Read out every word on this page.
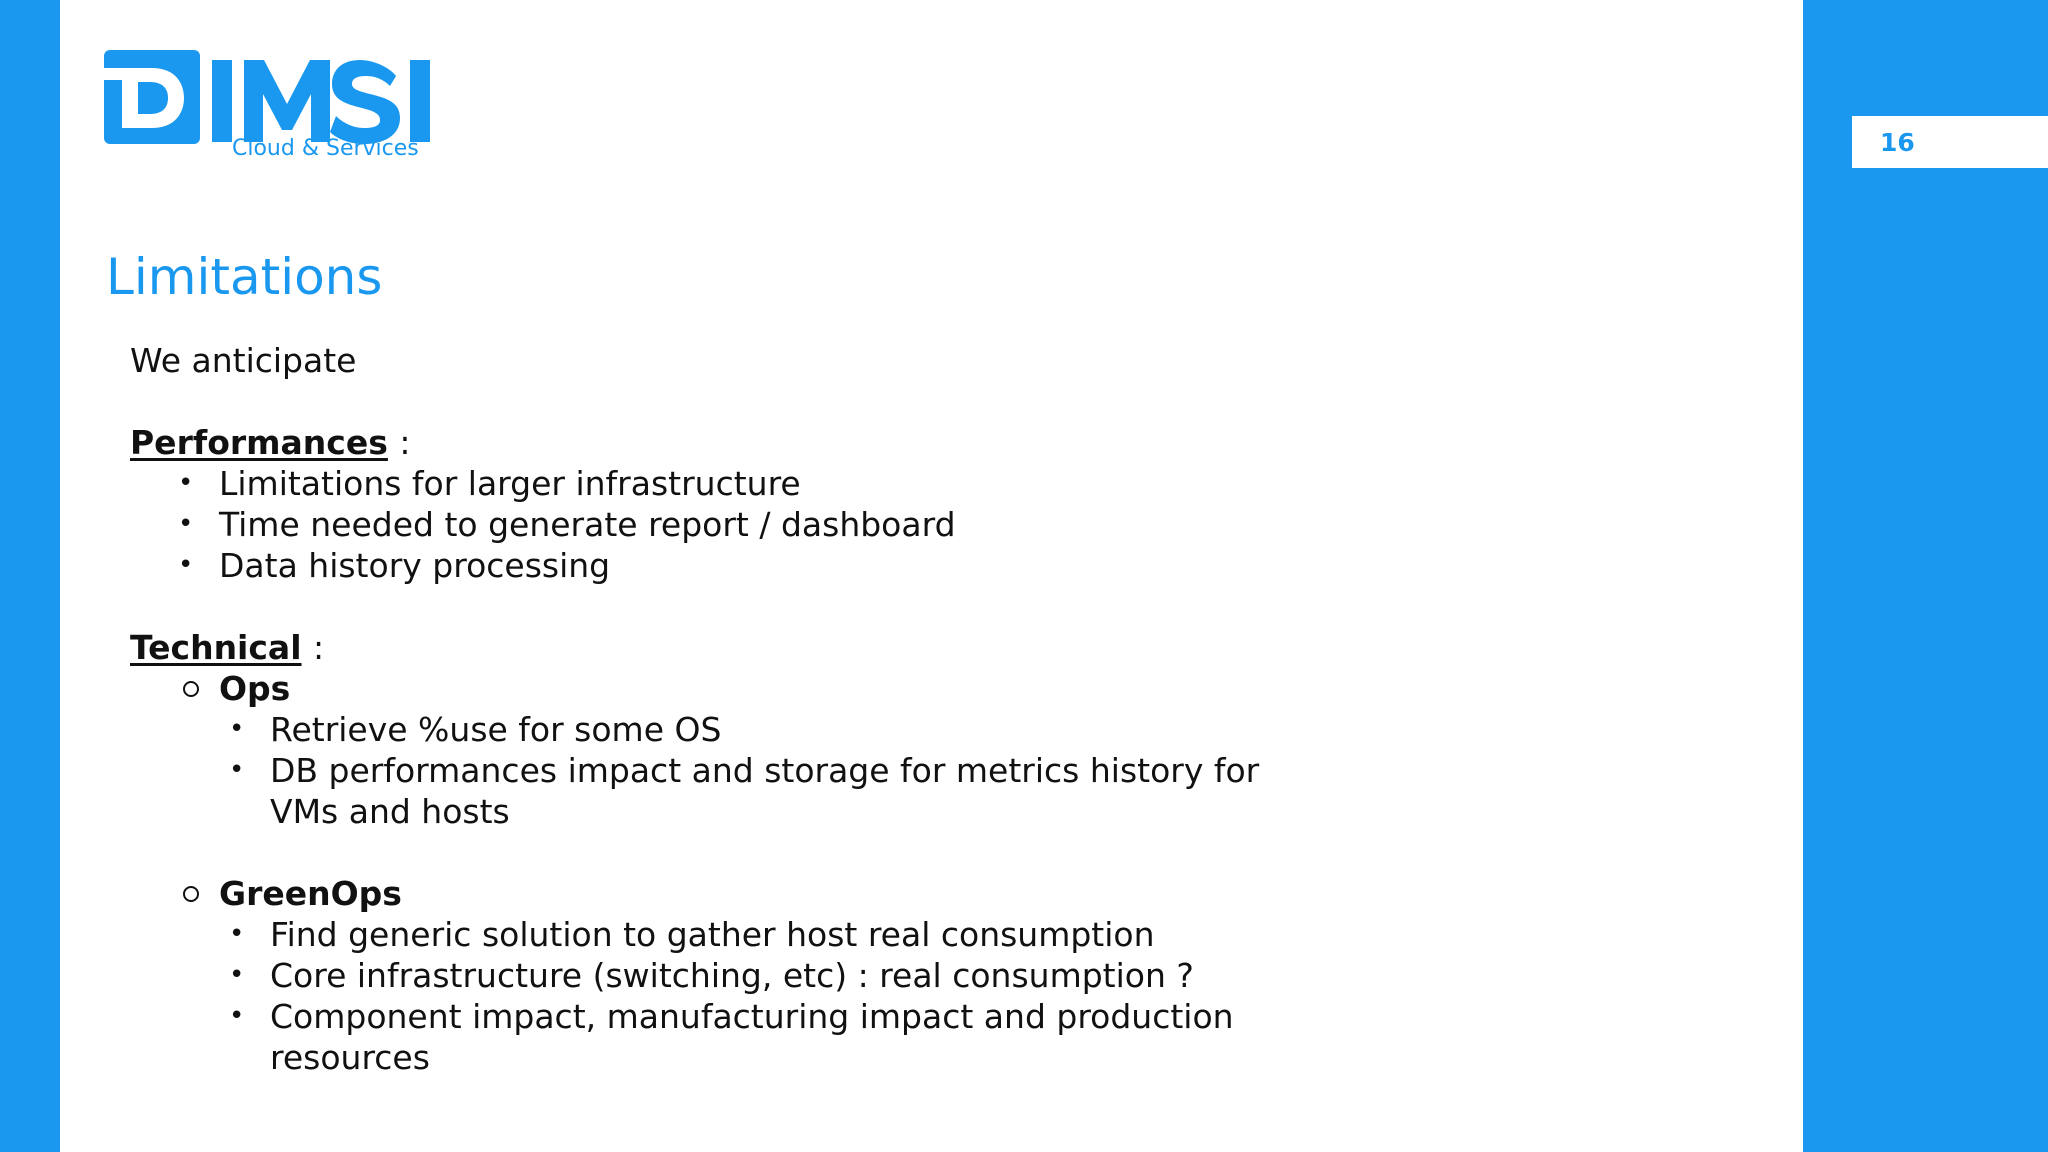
Cloud & Services	16
Limitations
We anticipate
Performances :
• Limitations for larger infrastructure
• Time needed to generate report / dashboard
• Data history processing
Technical :
Ops
• Retrieve %use for some OS
• DB performances impact and storage for metrics history for
VMs and hosts
GreenOps
• Find generic solution to gather host real consumption
• Core infrastructure (switching, etc) : real consumption ?
• Component impact, manufacturing impact and production
resources
